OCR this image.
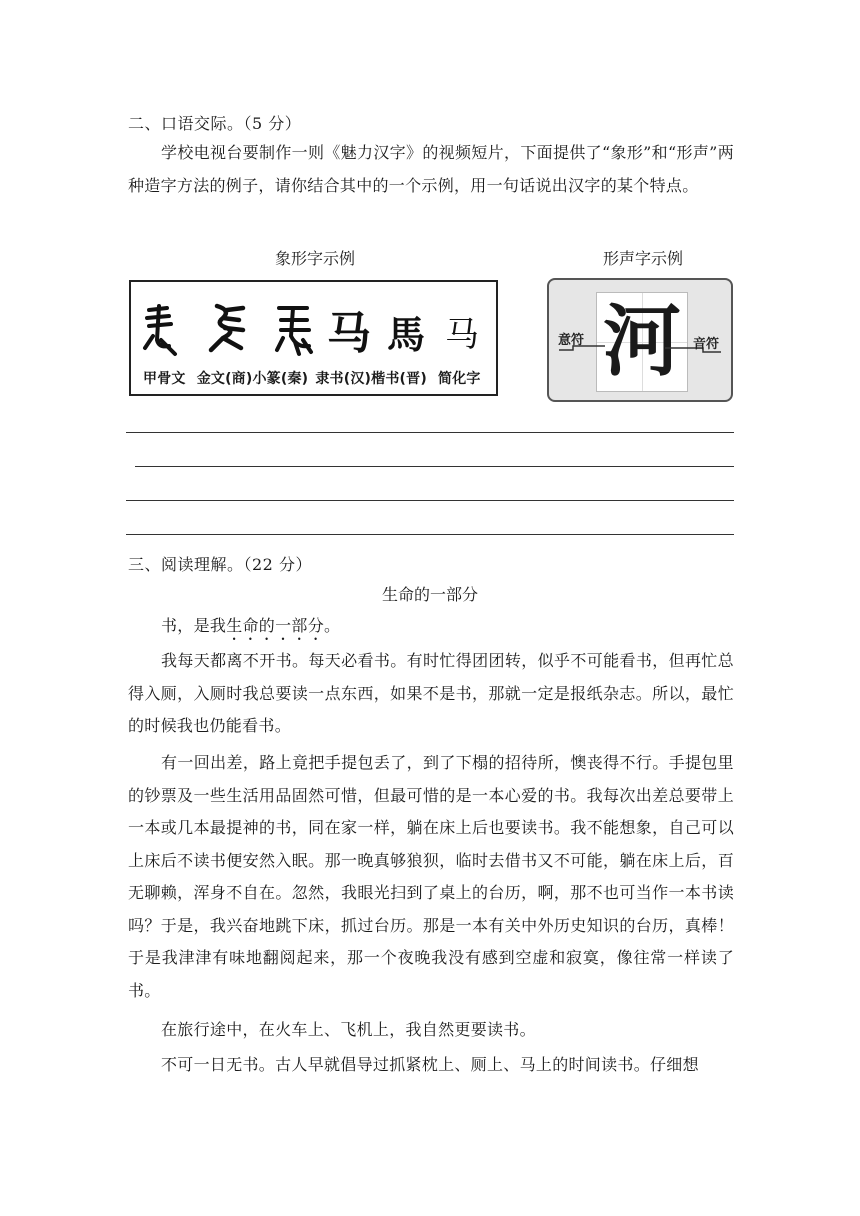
二、口语交际。（5 分）

学校电视台要制作一则《魅力汉字》的视频短片，下面提供了“象形”和“形声”两种造字方法的例子，请你结合其中的一个示例，用一句话说出汉字的某个特点。

象形字示例	形声字示例
马 馬 马
甲骨文 金文(商)小篆(秦) 隶书(汉)楷书(晋) 简化字 河
意符	音符
三、阅读理解。（22 分）
生命的一部分
书，是我生命的一部分。

我每天都离不开书。每天必看书。有时忙得团团转，似乎不可能看书，但再忙总得入厕，入厕时我总要读一点东西，如果不是书，那就一定是报纸杂志。所以，最忙的时候我也仍能看书。

有一回出差，路上竟把手提包丢了，到了下榻的招待所，懊丧得不行。手提包里的钞票及一些生活用品固然可惜，但最可惜的是一本心爱的书。我每次出差总要带上一本或几本最提神的书，同在家一样，躺在床上后也要读书。我不能想象，自己可以上床后不读书便安然入眠。那一晚真够狼狈，临时去借书又不可能，躺在床上后，百无聊赖，浑身不自在。忽然，我眼光扫到了桌上的台历，啊，那不也可当作一本书读吗？于是，我兴奋地跳下床，抓过台历。那是一本有关中外历史知识的台历，真棒！于是我津津有味地翻阅起来，那一个夜晚我没有感到空虚和寂寞，像往常一样读了书。

在旅行途中，在火车上、飞机上，我自然更要读书。

不可一日无书。古人早就倡导过抓紧枕上、厕上、马上的时间读书。仔细想
